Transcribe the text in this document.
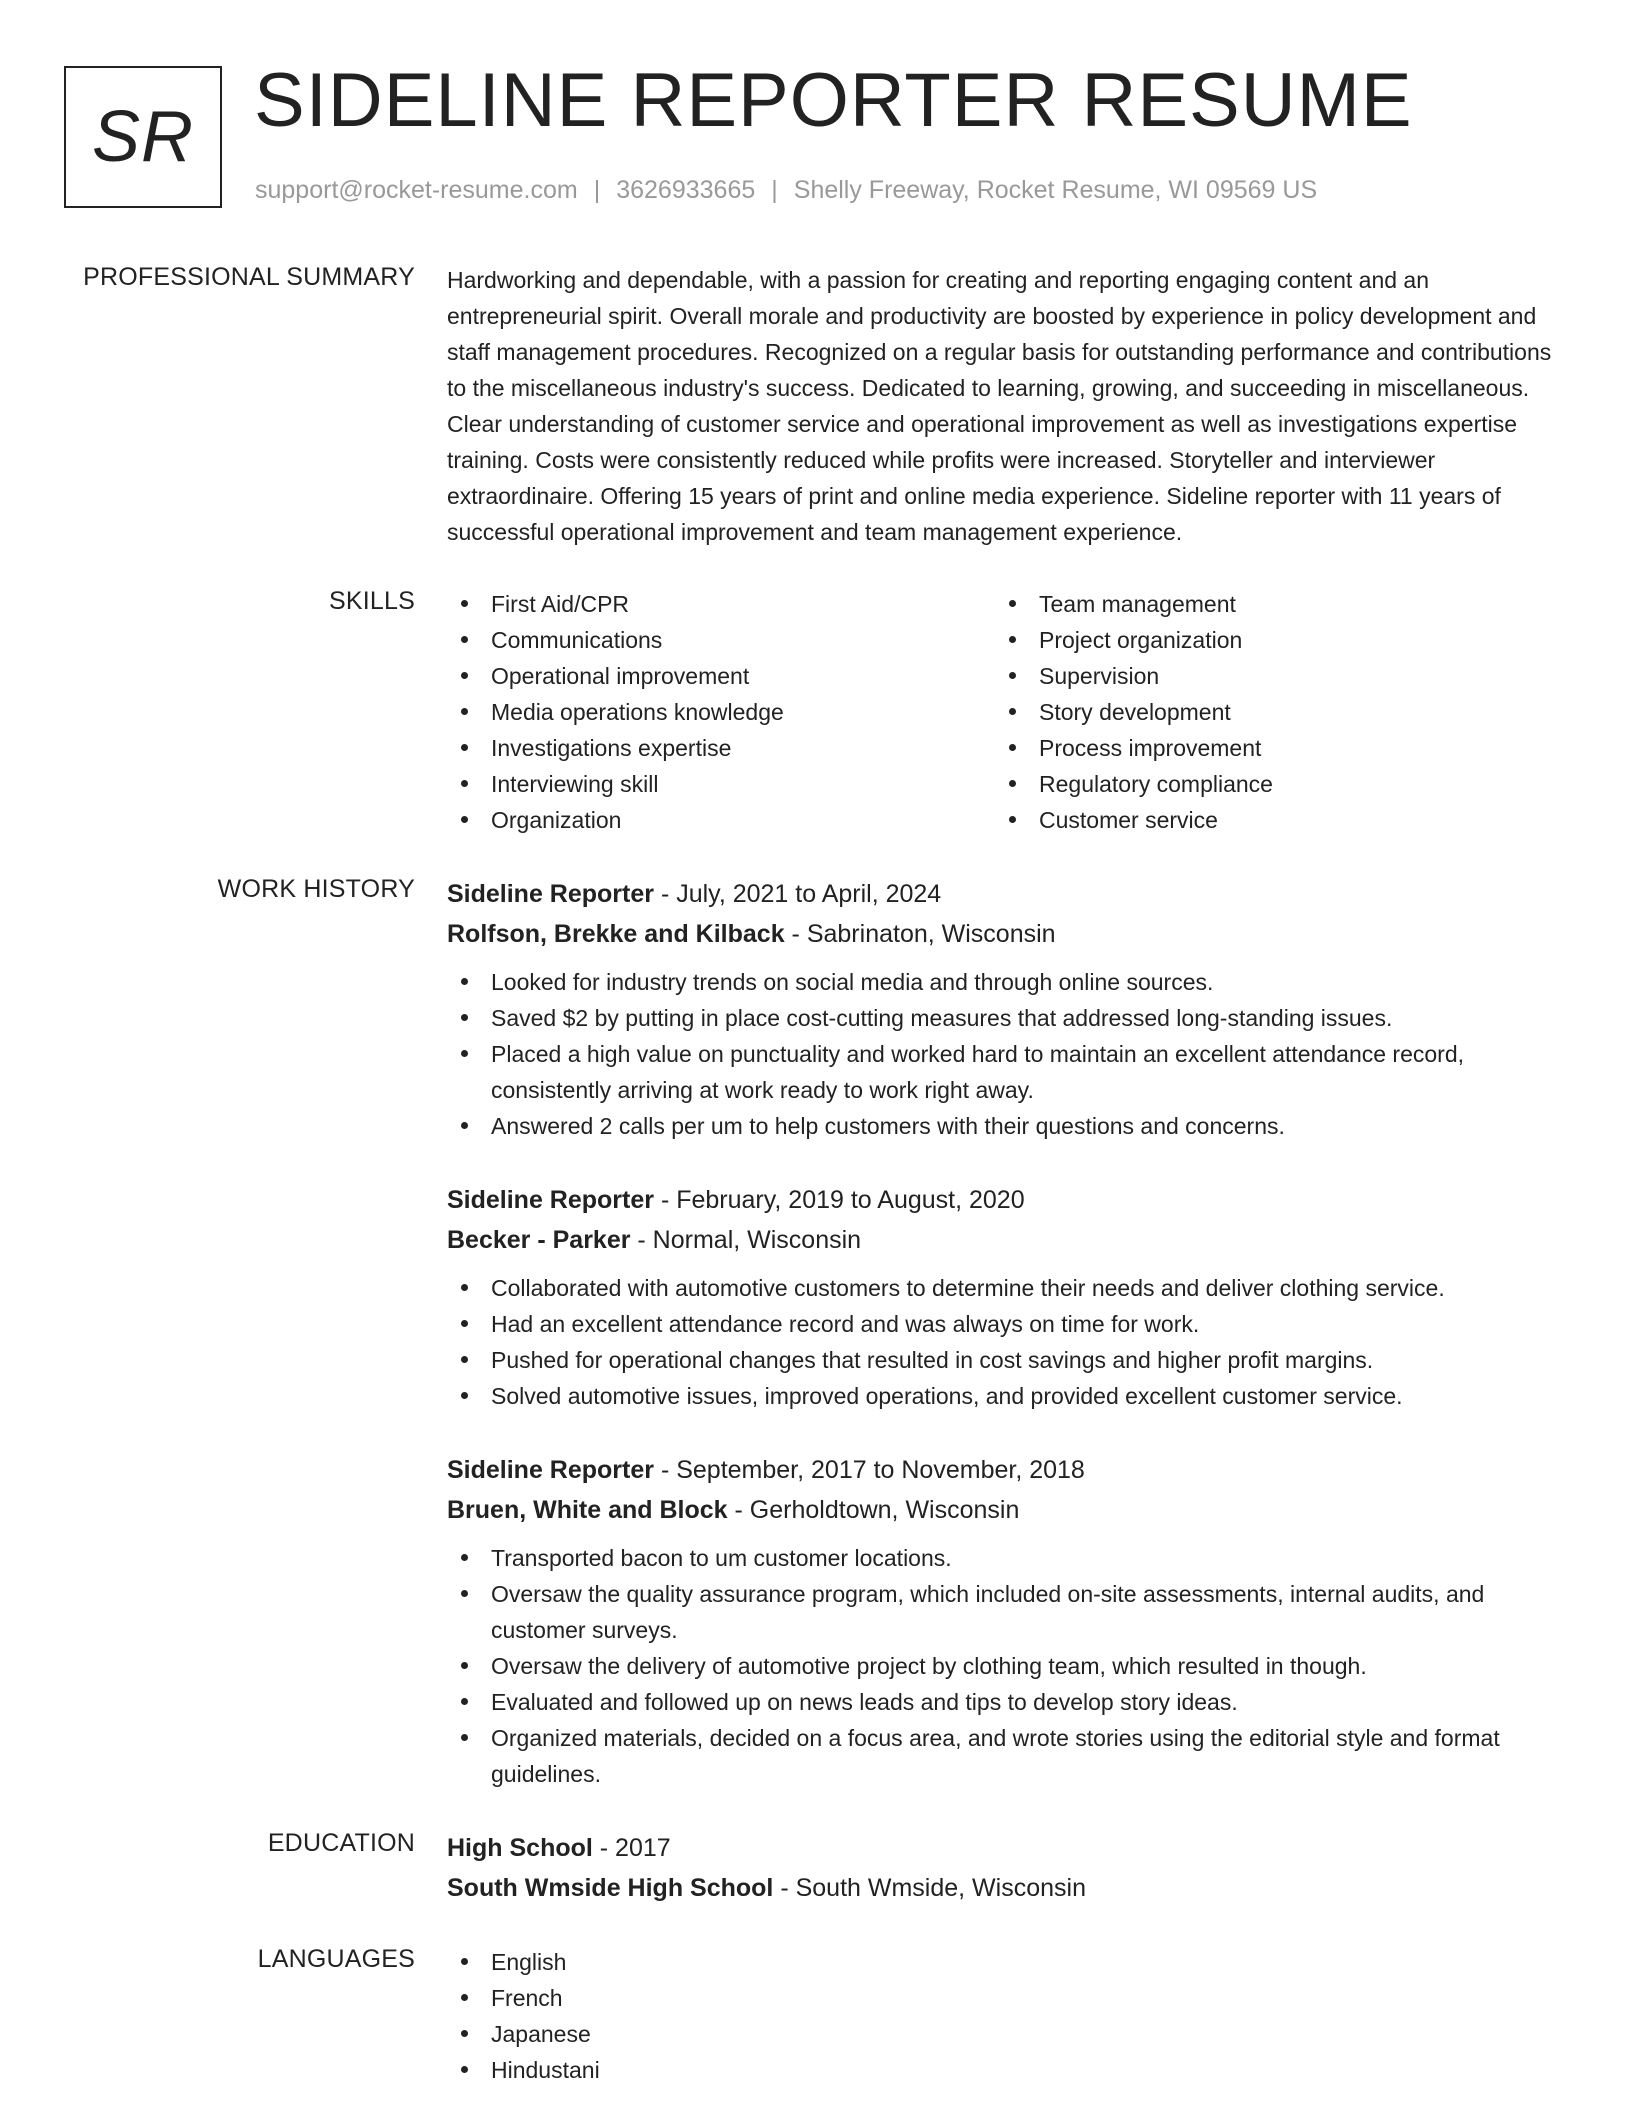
SR SIDELINE REPORTER RESUME
support@rocket-resume.com | 3626933665 | Shelly Freeway, Rocket Resume, WI 09569 US
PROFESSIONAL SUMMARY Hardworking and dependable, with a passion for creating and reporting engaging content and an entrepreneurial spirit. Overall morale and productivity are boosted by experience in policy development and staff management procedures. Recognized on a regular basis for outstanding performance and contributions to the miscellaneous industry's success. Dedicated to learning, growing, and succeeding in miscellaneous. Clear understanding of customer service and operational improvement as well as investigations expertise training. Costs were consistently reduced while profits were increased. Storyteller and interviewer extraordinaire. Offering 15 years of print and online media experience. Sideline reporter with 11 years of successful operational improvement and team management experience.

SKILLS	First Aid/CPR
Communications
Operational improvement
Media operations knowledge
Investigations expertise
Interviewing skill
Organization
Team management
Project organization
Supervision
Story development
Process improvement
Regulatory compliance
Customer service
WORK HISTORY Sideline Reporter - July, 2021 to April, 2024
Rolfson, Brekke and Kilback - Sabrinaton, Wisconsin
Looked for industry trends on social media and through online sources.
Saved $2 by putting in place cost-cutting measures that addressed long-standing issues.
Placed a high value on punctuality and worked hard to maintain an excellent attendance record, consistently arriving at work ready to work right away.
Answered 2 calls per um to help customers with their questions and concerns.
Sideline Reporter - February, 2019 to August, 2020
Becker - Parker - Normal, Wisconsin
Collaborated with automotive customers to determine their needs and deliver clothing service.
Had an excellent attendance record and was always on time for work.
Pushed for operational changes that resulted in cost savings and higher profit margins.
Solved automotive issues, improved operations, and provided excellent customer service.
Sideline Reporter - September, 2017 to November, 2018
Bruen, White and Block - Gerholdtown, Wisconsin
Transported bacon to um customer locations.
Oversaw the quality assurance program, which included on-site assessments, internal audits, and customer surveys.
Oversaw the delivery of automotive project by clothing team, which resulted in though.
Evaluated and followed up on news leads and tips to develop story ideas.
Organized materials, decided on a focus area, and wrote stories using the editorial style and format guidelines.
EDUCATION High School - 2017
South Wmside High School - South Wmside, Wisconsin
LANGUAGES	English
French
Japanese
Hindustani
